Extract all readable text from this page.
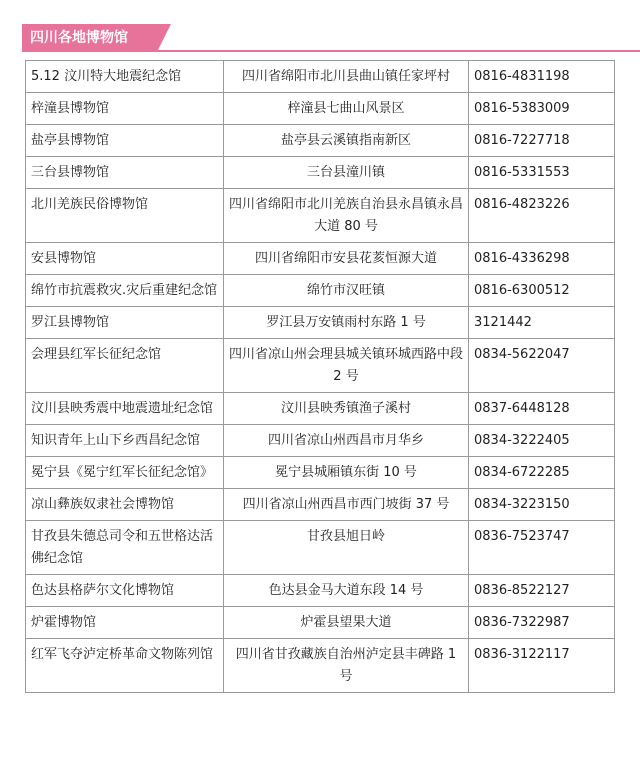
四川各地博物馆
5.12 汶川特大地震纪念馆	四川省绵阳市北川县曲山镇任家坪村	0816-4831198
梓潼县博物馆	梓潼县七曲山风景区	0816-5383009
盐亭县博物馆	盐亭县云溪镇指南新区	0816-7227718
三台县博物馆	三台县潼川镇	0816-5331553
北川羌族民俗博物馆	四川省绵阳市北川羌族自治县永昌镇永昌大道 80 号	0816-4823226
安县博物馆	四川省绵阳市安县花荄恒源大道	0816-4336298
绵竹市抗震救灾.灾后重建纪念馆	绵竹市汉旺镇	0816-6300512
罗江县博物馆	罗江县万安镇雨村东路 1 号	3121442
会理县红军长征纪念馆	四川省凉山州会理县城关镇环城西路中段 2 号	0834-5622047
汶川县映秀震中地震遗址纪念馆	汶川县映秀镇渔子溪村	0837-6448128
知识青年上山下乡西昌纪念馆	四川省凉山州西昌市月华乡	0834-3222405
冕宁县《冕宁红军长征纪念馆》	冕宁县城厢镇东街 10 号	0834-6722285
凉山彝族奴隶社会博物馆	四川省凉山州西昌市西门坡街 37 号	0834-3223150
甘孜县朱德总司令和五世格达活佛纪念馆	甘孜县旭日岭	0836-7523747
色达县格萨尔文化博物馆	色达县金马大道东段 14 号	0836-8522127
炉霍博物馆	炉霍县望果大道	0836-7322987
红军飞夺泸定桥革命文物陈列馆	四川省甘孜藏族自治州泸定县丰碑路 1 号	0836-3122117
